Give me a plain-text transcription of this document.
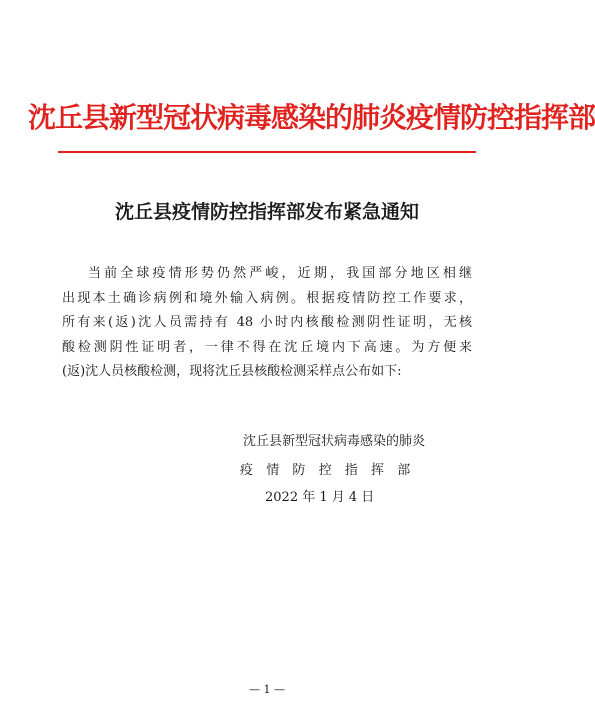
沈丘县新型冠状病毒感染的肺炎疫情防控指挥部
沈丘县疫情防控指挥部发布紧急通知
当前全球疫情形势仍然严峻，近期，我国部分地区相继
出现本土确诊病例和境外输入病例。根据疫情防控工作要求，
所有来(返)沈人员需持有 48 小时内核酸检测阴性证明，无核
酸检测阴性证明者，一律不得在沈丘境内下高速。为方便来
(返)沈人员核酸检测，现将沈丘县核酸检测采样点公布如下:
沈丘县新型冠状病毒感染的肺炎
疫情防控指挥部
2022 年 1 月 4 日
— 1 —
